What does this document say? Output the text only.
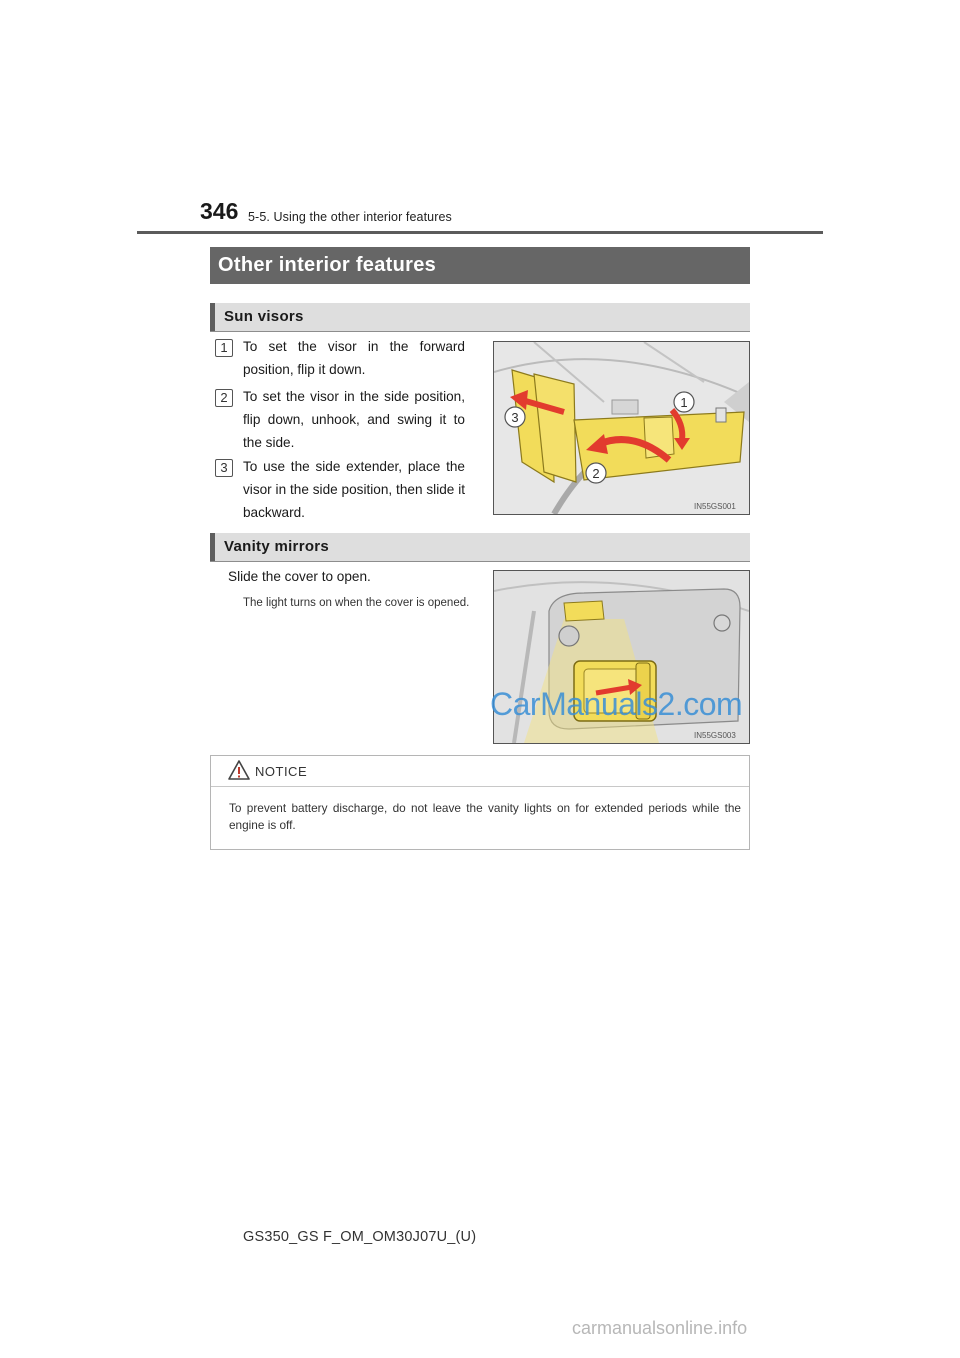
346 5-5. Using the other interior features
Other interior features
Sun visors
1	To set the visor in the forward position, flip it down.
2	To set the visor in the side position, flip down, unhook, and swing it to the side.
3	To use the side extender, place the visor in the side position, then slide it backward.
1
2
3
IN55GS001
Vanity mirrors
Slide the cover to open.
The light turns on when the cover is opened.
IN55GS003
CarManuals2.com
NOTICE
To prevent battery discharge, do not leave the vanity lights on for extended periods while the engine is off.
GS350_GS F_OM_OM30J07U_(U)
carmanualsonline.info
